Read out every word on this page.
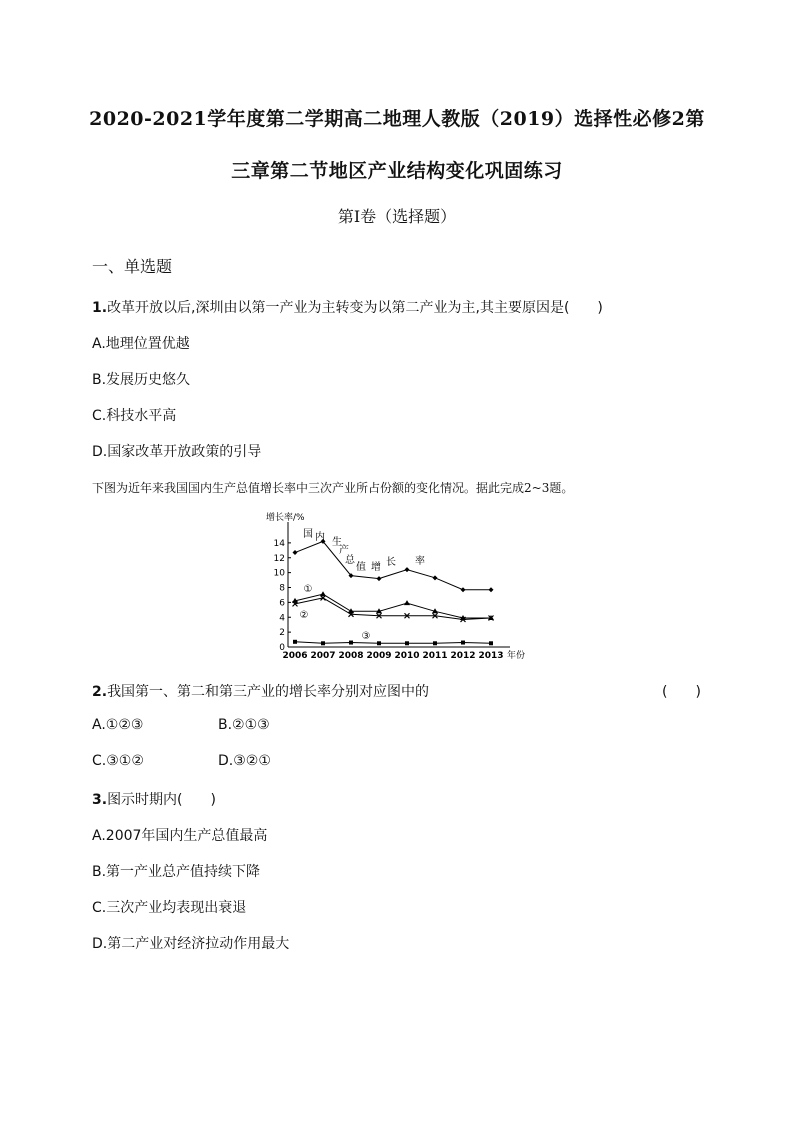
2020-2021学年度第二学期高二地理人教版（2019）选择性必修2第
三章第二节地区产业结构变化巩固练习
第Ⅰ卷（选择题）
一、单选题
1.改革开放以后,深圳由以第一产业为主转变为以第二产业为主,其主要原因是(　　)
A.地理位置优越
B.发展历史悠久
C.科技水平高
D.国家改革开放政策的引导
下图为近年来我国国内生产总值增长率中三次产业所占份额的变化情况。据此完成2~3题。
0
2
4
6
8
10
12
14
增长率/%
2006 2007 2008 2009 2010 2011 2012 2013 年份
国 内 生
产
总
值 增 长 率
①
②
③
2.我国第一、第二和第三产业的增长率分别对应图中的	(　　)
A.①②③	B.②①③
C.③①②	D.③②①
3.图示时期内(　　)
A.2007年国内生产总值最高
B.第一产业总产值持续下降
C.三次产业均表现出衰退
D.第二产业对经济拉动作用最大
